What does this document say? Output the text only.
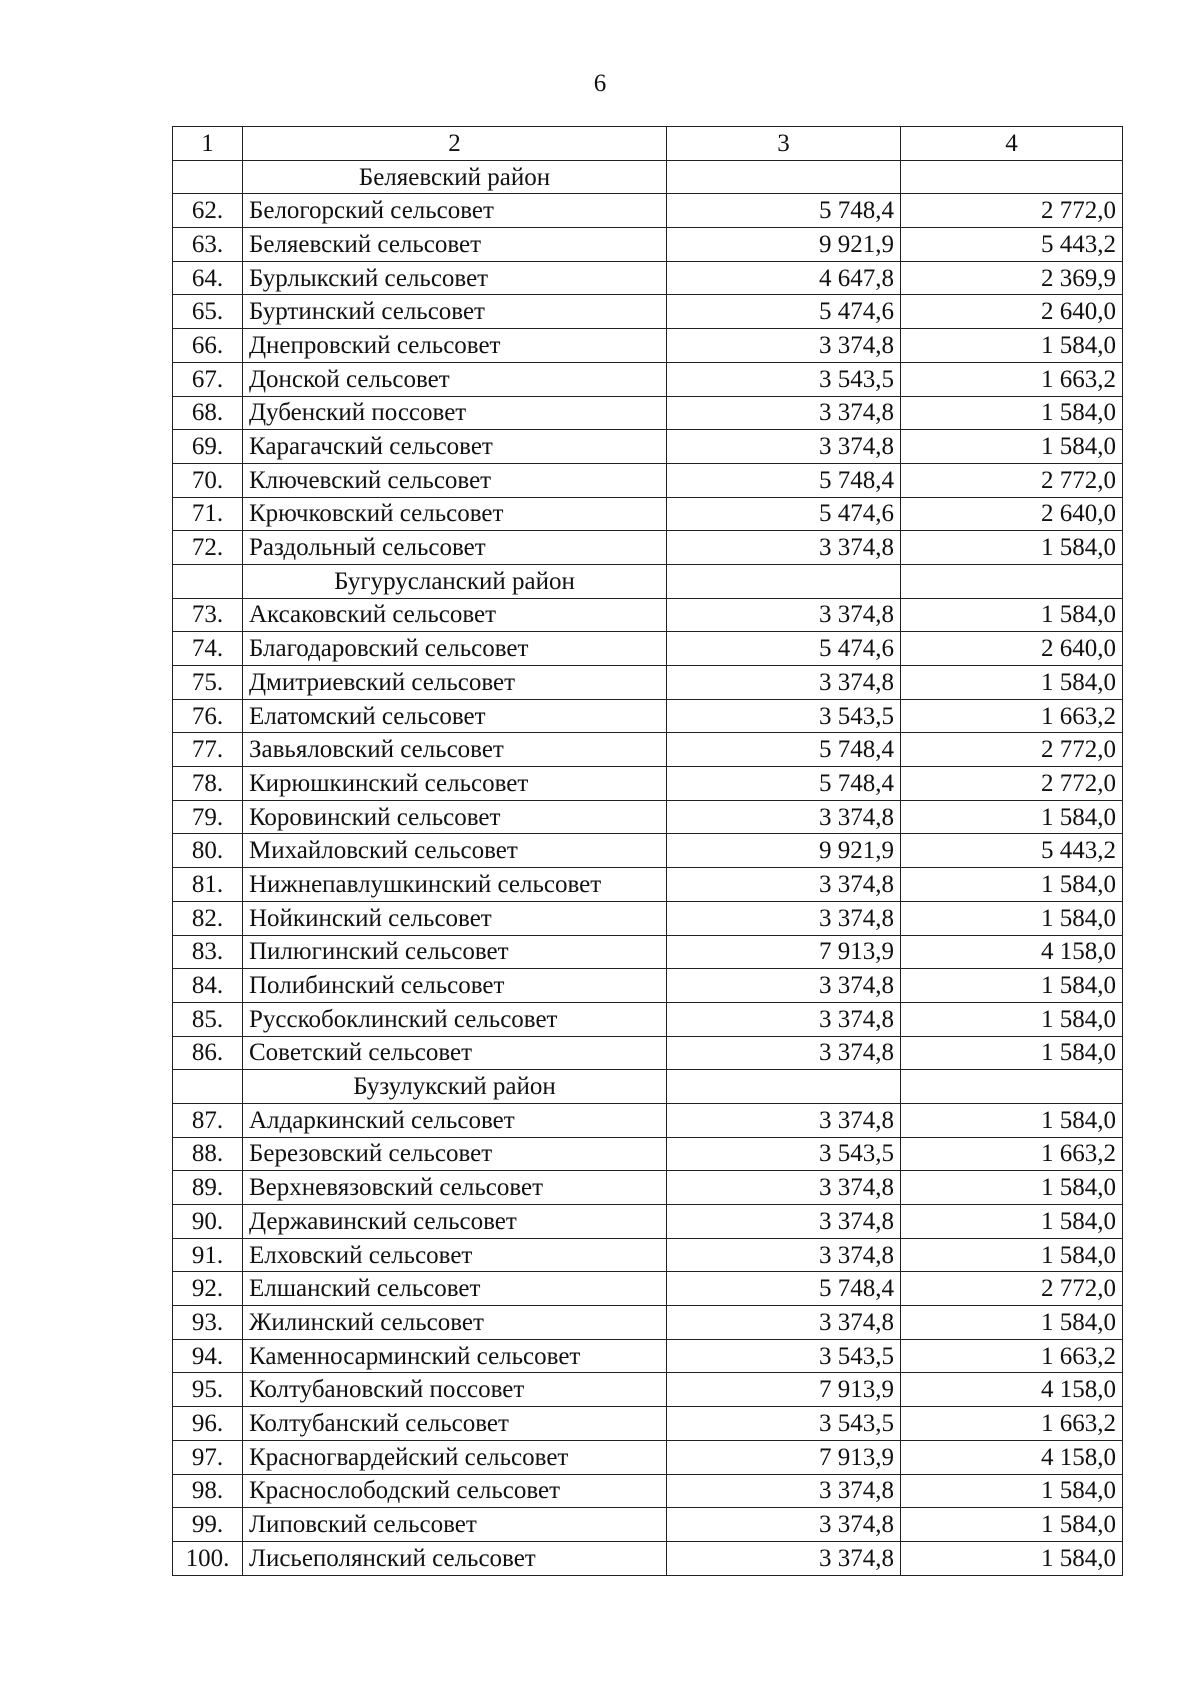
6
1	2	3	4
	Беляевский район		
62.	Белогорский сельсовет	5 748,4	2 772,0
63.	Беляевский сельсовет	9 921,9	5 443,2
64.	Бурлыкский сельсовет	4 647,8	2 369,9
65.	Буртинский сельсовет	5 474,6	2 640,0
66.	Днепровский сельсовет	3 374,8	1 584,0
67.	Донской сельсовет	3 543,5	1 663,2
68.	Дубенский поссовет	3 374,8	1 584,0
69.	Карагачский сельсовет	3 374,8	1 584,0
70.	Ключевский сельсовет	5 748,4	2 772,0
71.	Крючковский сельсовет	5 474,6	2 640,0
72.	Раздольный сельсовет	3 374,8	1 584,0
	Бугурусланский район		
73.	Аксаковский сельсовет	3 374,8	1 584,0
74.	Благодаровский сельсовет	5 474,6	2 640,0
75.	Дмитриевский сельсовет	3 374,8	1 584,0
76.	Елатомский сельсовет	3 543,5	1 663,2
77.	Завьяловский сельсовет	5 748,4	2 772,0
78.	Кирюшкинский сельсовет	5 748,4	2 772,0
79.	Коровинский сельсовет	3 374,8	1 584,0
80.	Михайловский сельсовет	9 921,9	5 443,2
81.	Нижнепавлушкинский сельсовет	3 374,8	1 584,0
82.	Нойкинский сельсовет	3 374,8	1 584,0
83.	Пилюгинский сельсовет	7 913,9	4 158,0
84.	Полибинский сельсовет	3 374,8	1 584,0
85.	Русскобоклинский сельсовет	3 374,8	1 584,0
86.	Советский сельсовет	3 374,8	1 584,0
	Бузулукский район		
87.	Алдаркинский сельсовет	3 374,8	1 584,0
88.	Березовский сельсовет	3 543,5	1 663,2
89.	Верхневязовский сельсовет	3 374,8	1 584,0
90.	Державинский сельсовет	3 374,8	1 584,0
91.	Елховский сельсовет	3 374,8	1 584,0
92.	Елшанский сельсовет	5 748,4	2 772,0
93.	Жилинский сельсовет	3 374,8	1 584,0
94.	Каменносарминский сельсовет	3 543,5	1 663,2
95.	Колтубановский поссовет	7 913,9	4 158,0
96.	Колтубанский сельсовет	3 543,5	1 663,2
97.	Красногвардейский сельсовет	7 913,9	4 158,0
98.	Краснослободский сельсовет	3 374,8	1 584,0
99.	Липовский сельсовет	3 374,8	1 584,0
100.	Лисьеполянский сельсовет	3 374,8	1 584,0
